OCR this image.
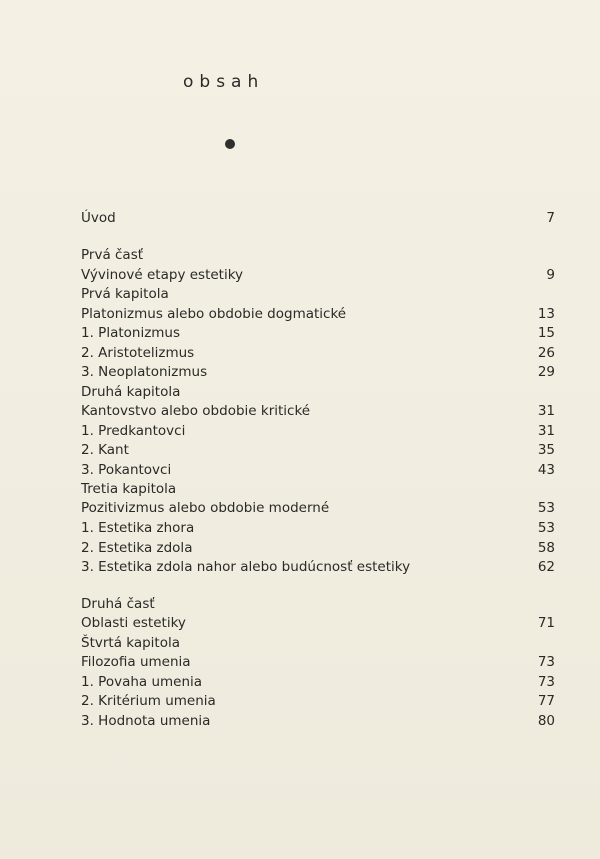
obsah
Úvod	7
Prvá časť
Vývinové etapy estetiky	9
Prvá kapitola
Platonizmus alebo obdobie dogmatické	13
1. Platonizmus	15
2. Aristotelizmus	26
3. Neoplatonizmus	29
Druhá kapitola
Kantovstvo alebo obdobie kritické	31
1. Predkantovci	31
2. Kant	35
3. Pokantovci	43
Tretia kapitola
Pozitivizmus alebo obdobie moderné	53
1. Estetika zhora	53
2. Estetika zdola	58
3. Estetika zdola nahor alebo budúcnosť estetiky	62
Druhá časť
Oblasti estetiky	71
Štvrtá kapitola
Filozofia umenia	73
1. Povaha umenia	73
2. Kritérium umenia	77
3. Hodnota umenia	80
